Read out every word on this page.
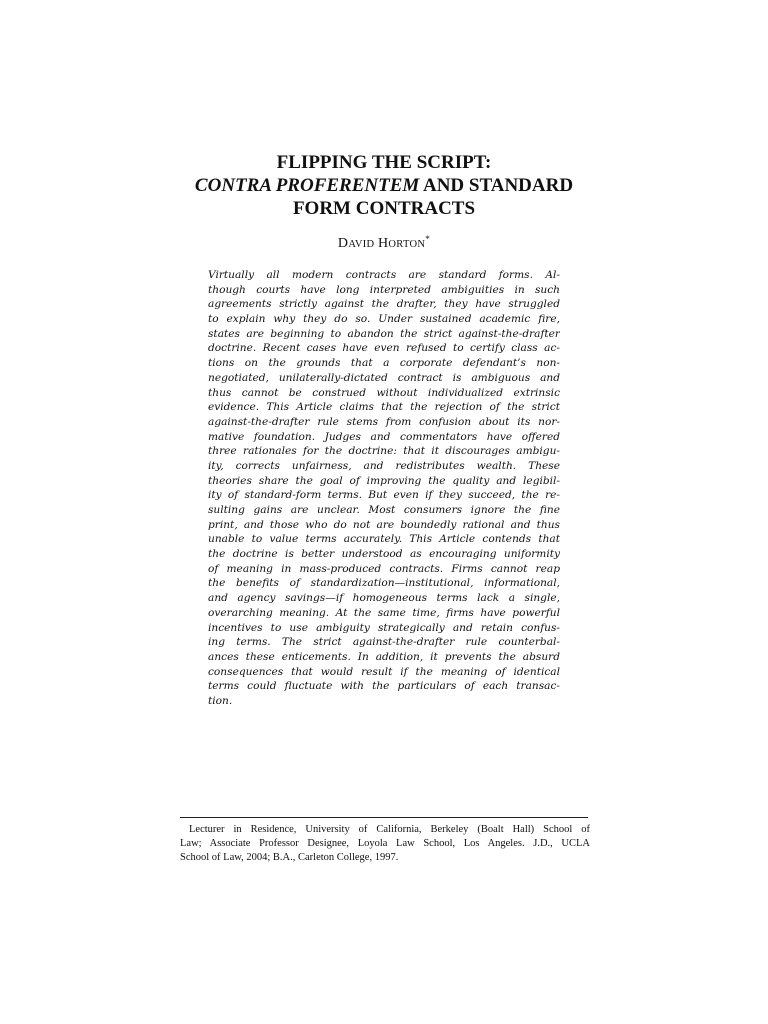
FLIPPING THE SCRIPT:
CONTRA PROFERENTEM AND STANDARD
FORM CONTRACTS
DAVID HORTON*
Virtually all modern contracts are standard forms. Al-
though courts have long interpreted ambiguities in such
agreements strictly against the drafter, they have struggled
to explain why they do so. Under sustained academic fire,
states are beginning to abandon the strict against-the-drafter
doctrine. Recent cases have even refused to certify class ac-
tions on the grounds that a corporate defendant’s non-
negotiated, unilaterally-dictated contract is ambiguous and
thus cannot be construed without individualized extrinsic
evidence. This Article claims that the rejection of the strict
against-the-drafter rule stems from confusion about its nor-
mative foundation. Judges and commentators have offered
three rationales for the doctrine: that it discourages ambigu-
ity, corrects unfairness, and redistributes wealth. These
theories share the goal of improving the quality and legibil-
ity of standard-form terms. But even if they succeed, the re-
sulting gains are unclear. Most consumers ignore the fine
print, and those who do not are boundedly rational and thus
unable to value terms accurately. This Article contends that
the doctrine is better understood as encouraging uniformity
of meaning in mass-produced contracts. Firms cannot reap
the benefits of standardization—institutional, informational,
and agency savings—if homogeneous terms lack a single,
overarching meaning. At the same time, firms have powerful
incentives to use ambiguity strategically and retain confus-
ing terms. The strict against-the-drafter rule counterbal-
ances these enticements. In addition, it prevents the absurd
consequences that would result if the meaning of identical
terms could fluctuate with the particulars of each transac-
tion.
Lecturer in Residence, University of California, Berkeley (Boalt Hall) School of
Law; Associate Professor Designee, Loyola Law School, Los Angeles. J.D., UCLA
School of Law, 2004; B.A., Carleton College, 1997.
